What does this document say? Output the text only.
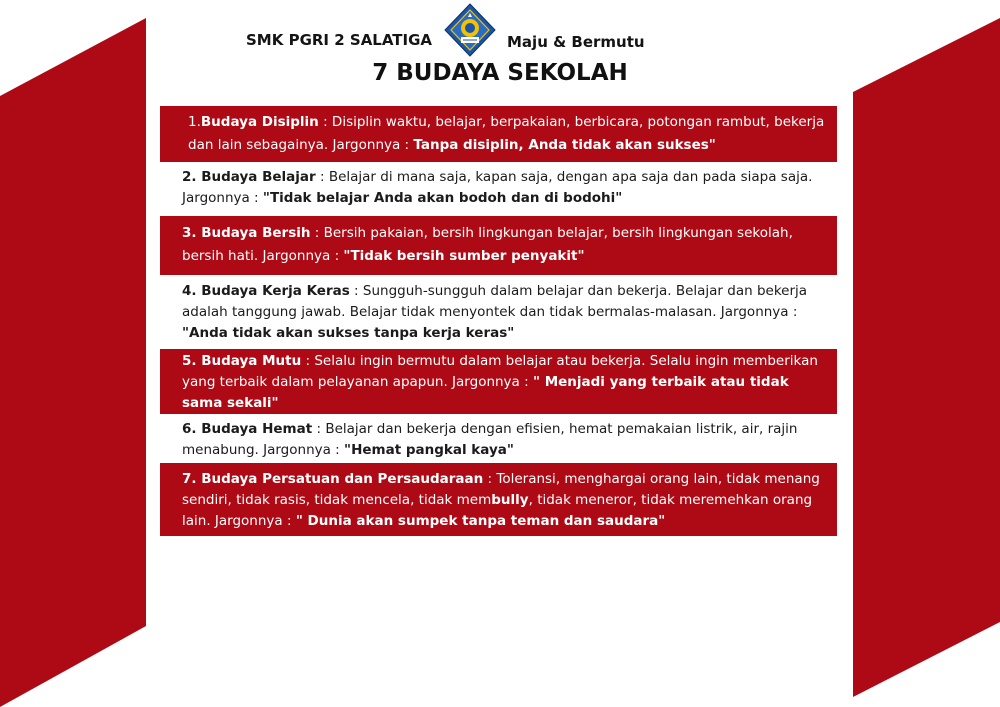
SMK PGRI 2 SALATIGA	Maju & Bermutu
7 BUDAYA SEKOLAH
1.Budaya Disiplin : Disiplin waktu, belajar, berpakaian, berbicara, potongan rambut, bekerja dan lain sebagainya. Jargonnya : Tanpa disiplin, Anda tidak akan sukses"
2. Budaya Belajar : Belajar di mana saja, kapan saja, dengan apa saja dan pada siapa saja. Jargonnya : "Tidak belajar Anda akan bodoh dan di bodohi"
3. Budaya Bersih : Bersih pakaian, bersih lingkungan belajar, bersih lingkungan sekolah, bersih hati. Jargonnya : "Tidak bersih sumber penyakit"
4. Budaya Kerja Keras : Sungguh-sungguh dalam belajar dan bekerja. Belajar dan bekerja adalah tanggung jawab. Belajar tidak menyontek dan tidak bermalas-malasan. Jargonnya : "Anda tidak akan sukses tanpa kerja keras"
5. Budaya Mutu : Selalu ingin bermutu dalam belajar atau bekerja. Selalu ingin memberikan yang terbaik dalam pelayanan apapun. Jargonnya : " Menjadi yang terbaik atau tidak sama sekali"
6. Budaya Hemat : Belajar dan bekerja dengan efisien, hemat pemakaian listrik, air, rajin menabung. Jargonnya : "Hemat pangkal kaya"
7. Budaya Persatuan dan Persaudaraan : Toleransi, menghargai orang lain, tidak menang sendiri, tidak rasis, tidak mencela, tidak membully, tidak meneror, tidak meremehkan orang lain. Jargonnya : " Dunia akan sumpek tanpa teman dan saudara"
